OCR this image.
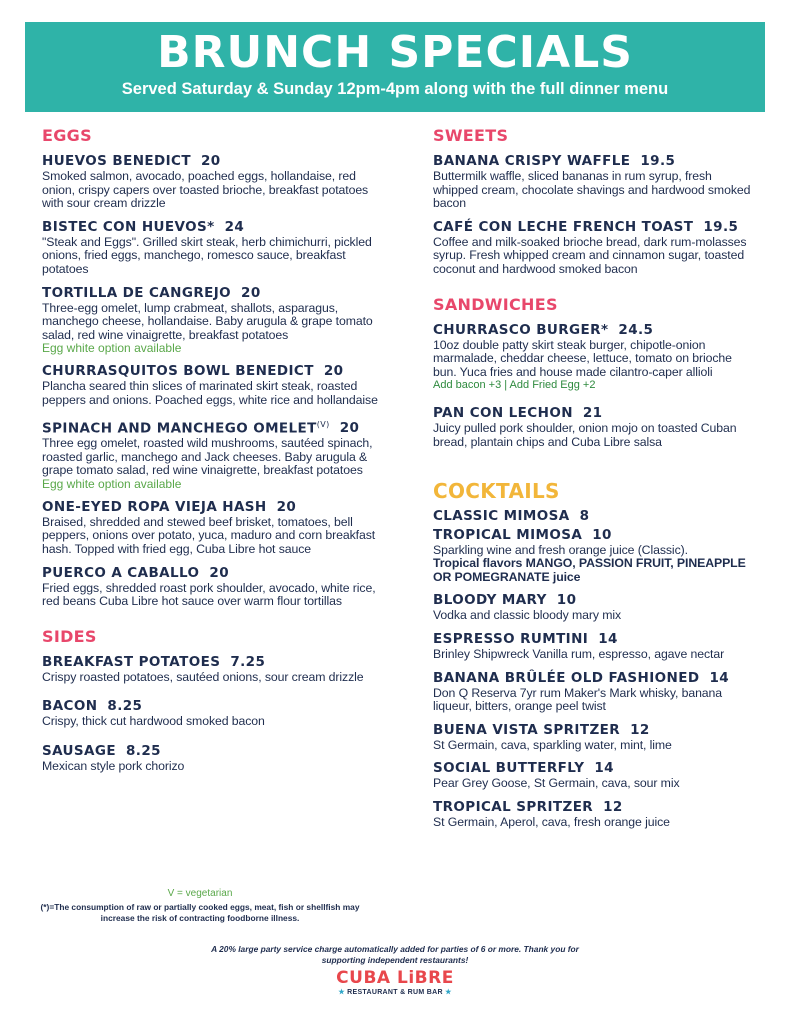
BRUNCH SPECIALS
Served Saturday & Sunday 12pm-4pm along with the full dinner menu
EGGS
HUEVOS BENEDICT 20
Smoked salmon, avocado, poached eggs, hollandaise, red onion, crispy capers over toasted brioche, breakfast potatoes with sour cream drizzle
BISTEC CON HUEVOS* 24
"Steak and Eggs". Grilled skirt steak, herb chimichurri, pickled onions, fried eggs, manchego, romesco sauce, breakfast potatoes
TORTILLA DE CANGREJO 20
Three-egg omelet, lump crabmeat, shallots, asparagus, manchego cheese, hollandaise. Baby arugula & grape tomato salad, red wine vinaigrette, breakfast potatoes
Egg white option available
CHURRASQUITOS BOWL BENEDICT 20
Plancha seared thin slices of marinated skirt steak, roasted peppers and onions. Poached eggs, white rice and hollandaise
SPINACH AND MANCHEGO $OMELET^{(V)}$ 20
Three egg omelet, roasted wild mushrooms, sautéed spinach, roasted garlic, manchego and Jack cheeses. Baby arugula & grape tomato salad, red wine vinaigrette, breakfast potatoes
Egg white option available
ONE-EYED ROPA VIEJA HASH 20
Braised, shredded and stewed beef brisket, tomatoes, bell peppers, onions over potato, yuca, maduro and corn breakfast hash. Topped with fried egg, Cuba Libre hot sauce
PUERCO A CABALLO 20
Fried eggs, shredded roast pork shoulder, avocado, white rice, red beans Cuba Libre hot sauce over warm flour tortillas
SIDES
BREAKFAST POTATOES 7.25
Crispy roasted potatoes, sautéed onions, sour cream drizzle
BACON 8.25
Crispy, thick cut hardwood smoked bacon
SAUSAGE 8.25
Mexican style pork chorizo
V = vegetarian
(*)=The consumption of raw or partially cooked eggs, meat, fish or shellfish may increase the risk of contracting foodborne illness.
SWEETS
BANANA CRISPY WAFFLE 19.5
Buttermilk waffle, sliced bananas in rum syrup, fresh whipped cream, chocolate shavings and hardwood smoked bacon
CAFÉ CON LECHE FRENCH TOAST 19.5
Coffee and milk-soaked brioche bread, dark rum-molasses syrup. Fresh whipped cream and cinnamon sugar, toasted coconut and hardwood smoked bacon
SANDWICHES
CHURRASCO BURGER* 24.5
10oz double patty skirt steak burger, chipotle-onion marmalade, cheddar cheese, lettuce, tomato on brioche bun. Yuca fries and house made cilantro-caper allioli
Add bacon +3 | Add Fried Egg +2
PAN CON LECHON 21
Juicy pulled pork shoulder, onion mojo on toasted Cuban bread, plantain chips and Cuba Libre salsa
COCKTAILS
CLASSIC MIMOSA 8
TROPICAL MIMOSA 10
Sparkling wine and fresh orange juice (Classic).
Tropical flavors MANGO, PASSION FRUIT, PINEAPPLE OR POMEGRANATE juice
BLOODY MARY 10
Vodka and classic bloody mary mix
ESPRESSO RUMTINI 14
Brinley Shipwreck Vanilla rum, espresso, agave nectar
BANANA BRÛLÉE OLD FASHIONED 14
Don Q Reserva 7yr rum Maker's Mark whisky, banana liqueur, bitters, orange peel twist
BUENA VISTA SPRITZER 12
St Germain, cava, sparkling water, mint, lime
SOCIAL BUTTERFLY 14
Pear Grey Goose, St Germain, cava, sour mix
TROPICAL SPRITZER 12
St Germain, Aperol, cava, fresh orange juice
A 20% large party service charge automatically added for parties of 6 or more. Thank you for supporting independent restaurants!
CUBA LiBRE
★ RESTAURANT & RUM BAR ★
